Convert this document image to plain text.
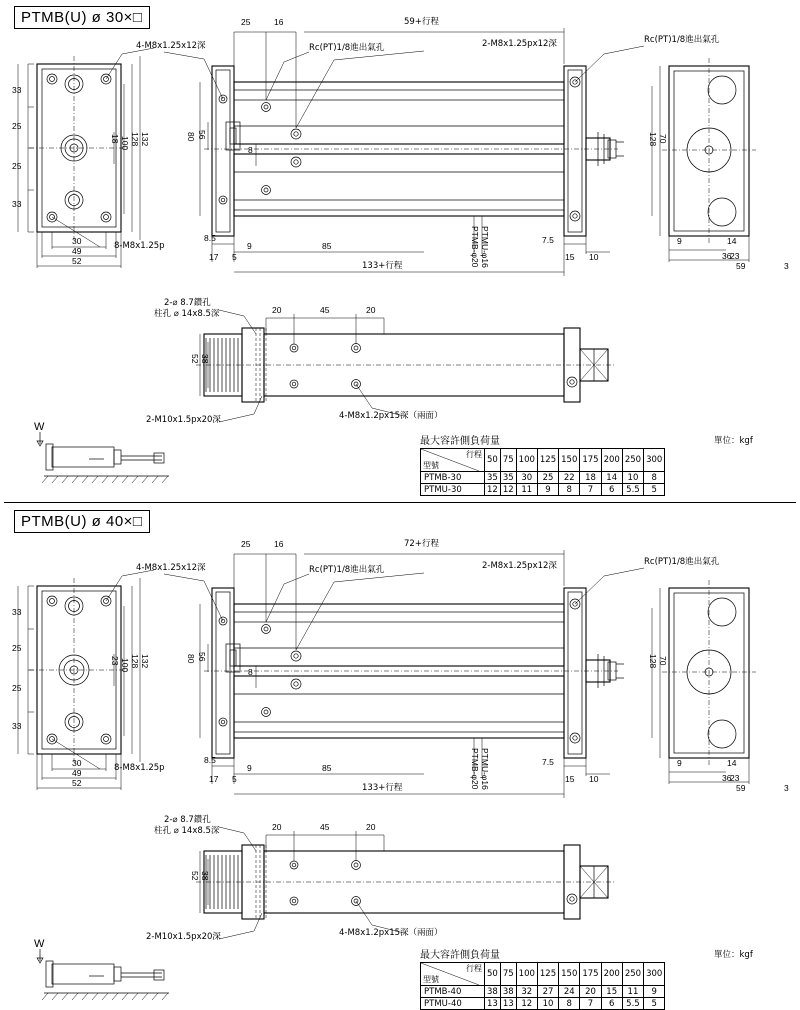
PTMB(U) ø 30×□
33
25
25
33
18 100 128 132
30
49
52
4-M8x1.25x12深
8-M8x1.25p
25	16	59+行程
Rc(PT)1/8進出氣孔	2-M8x1.25px12深	Rc(PT)1/8進出氣孔
80 56
8
8.5
9
17 5
85
7.5
15 10
133+行程	PTMB-φ20 PTMU-φ16
128 70
9	14
36
23
59	3
2-⌀ 8.7鑽孔
柱孔 ⌀ 14x8.5深
2-M10x1.5px20深	4-M8x1.2px15深（兩面）
20	45	20
52 38
W
最大容許側負荷量	單位：kgf
行程
型號	50	75	100	125	150	175	200	250	300
PTMB-30	35	35	30	25	22	18	14	10	8
PTMU-30	12	12	11	9	8	7	6	5.5	5
PTMB(U) ø 40×□
33
25
25
33
23 100 128 132
30
49
52
4-M8x1.25x12深
8-M8x1.25p
25	16	72+行程
Rc(PT)1/8進出氣孔	2-M8x1.25px12深	Rc(PT)1/8進出氣孔
80 56
8
8.5
9
17 5
85
7.5
15 10
133+行程	PTMB-φ20 PTMU-φ16
128 70
9	14
36
23
59	3
2-⌀ 8.7鑽孔
柱孔 ⌀ 14x8.5深
2-M10x1.5px20深	4-M8x1.2px15深（兩面）
20	45	20
52 38
W
最大容許側負荷量	單位：kgf
行程
型號	50	75	100	125	150	175	200	250	300
PTMB-40	38	38	32	27	24	20	15	11	9
PTMU-40	13	13	12	10	8	7	6	5.5	5
